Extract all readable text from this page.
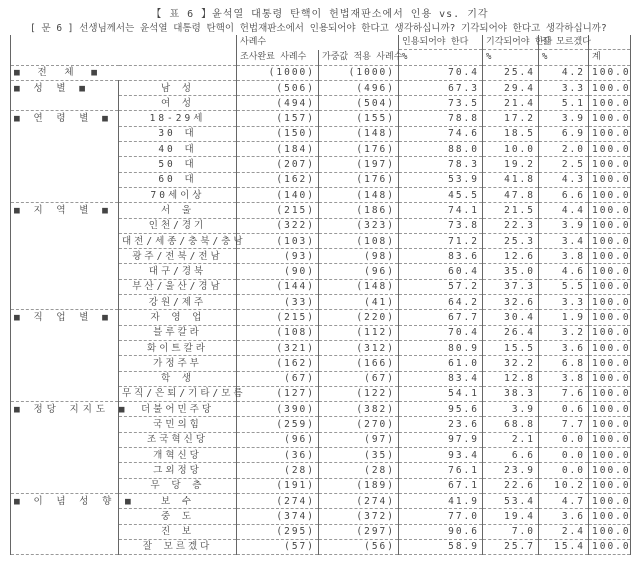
【 표 6 】윤석열 대통령 탄핵이 헌법재판소에서 인용 vs. 기각
[ 문 6 ] 선생님께서는 윤석열 대통령 탄핵이 헌법재판소에서 인용되어야 한다고 생각하십니까? 기각되어야 한다고 생각하십니까?
		사례수		인용되어야 한다	기각되어야 한다	잘 모르겠다	
		조사완료 사례수	가중값 적용 사례수	%	%	%	계
■ 전 체 ■		(1000)	(1000)	70.4	25.4	4.2	100.0
■ 성 별 ■	남 성	(506)	(496)	67.3	29.4	3.3	100.0
	여 성	(494)	(504)	73.5	21.4	5.1	100.0
■ 연 령 별 ■	18-29세	(157)	(155)	78.8	17.2	3.9	100.0
	30 대	(150)	(148)	74.6	18.5	6.9	100.0
	40 대	(184)	(176)	88.0	10.0	2.0	100.0
	50 대	(207)	(197)	78.3	19.2	2.5	100.0
	60 대	(162)	(176)	53.9	41.8	4.3	100.0
	70세이상	(140)	(148)	45.5	47.8	6.6	100.0
■ 지 역 별 ■	서 울	(215)	(186)	74.1	21.5	4.4	100.0
	인천/경기	(322)	(323)	73.8	22.3	3.9	100.0
	대전/세종/충북/충남	(103)	(108)	71.2	25.3	3.4	100.0
	광주/전북/전남	(93)	(98)	83.6	12.6	3.8	100.0
	대구/경북	(90)	(96)	60.4	35.0	4.6	100.0
	부산/울산/경남	(144)	(148)	57.2	37.3	5.5	100.0
	강원/제주	(33)	(41)	64.2	32.6	3.3	100.0
■ 직 업 별 ■	자 영 업	(215)	(220)	67.7	30.4	1.9	100.0
	블루칼라	(108)	(112)	70.4	26.4	3.2	100.0
	화이트칼라	(321)	(312)	80.9	15.5	3.6	100.0
	가정주부	(162)	(166)	61.0	32.2	6.8	100.0
	학 생	(67)	(67)	83.4	12.8	3.8	100.0
	무직/은퇴/기타/모름	(127)	(122)	54.1	38.3	7.6	100.0
■ 정당 지지도 ■	더불어민주당	(390)	(382)	95.6	3.9	0.6	100.0
	국민의힘	(259)	(270)	23.6	68.8	7.7	100.0
	조국혁신당	(96)	(97)	97.9	2.1	0.0	100.0
	개혁신당	(36)	(35)	93.4	6.6	0.0	100.0
	그외정당	(28)	(28)	76.1	23.9	0.0	100.0
	무 당 층	(191)	(189)	67.1	22.6	10.2	100.0
■ 이 념 성 향 ■	보 수	(274)	(274)	41.9	53.4	4.7	100.0
	중 도	(374)	(372)	77.0	19.4	3.6	100.0
	진 보	(295)	(297)	90.6	7.0	2.4	100.0
	잘 모르겠다	(57)	(56)	58.9	25.7	15.4	100.0
